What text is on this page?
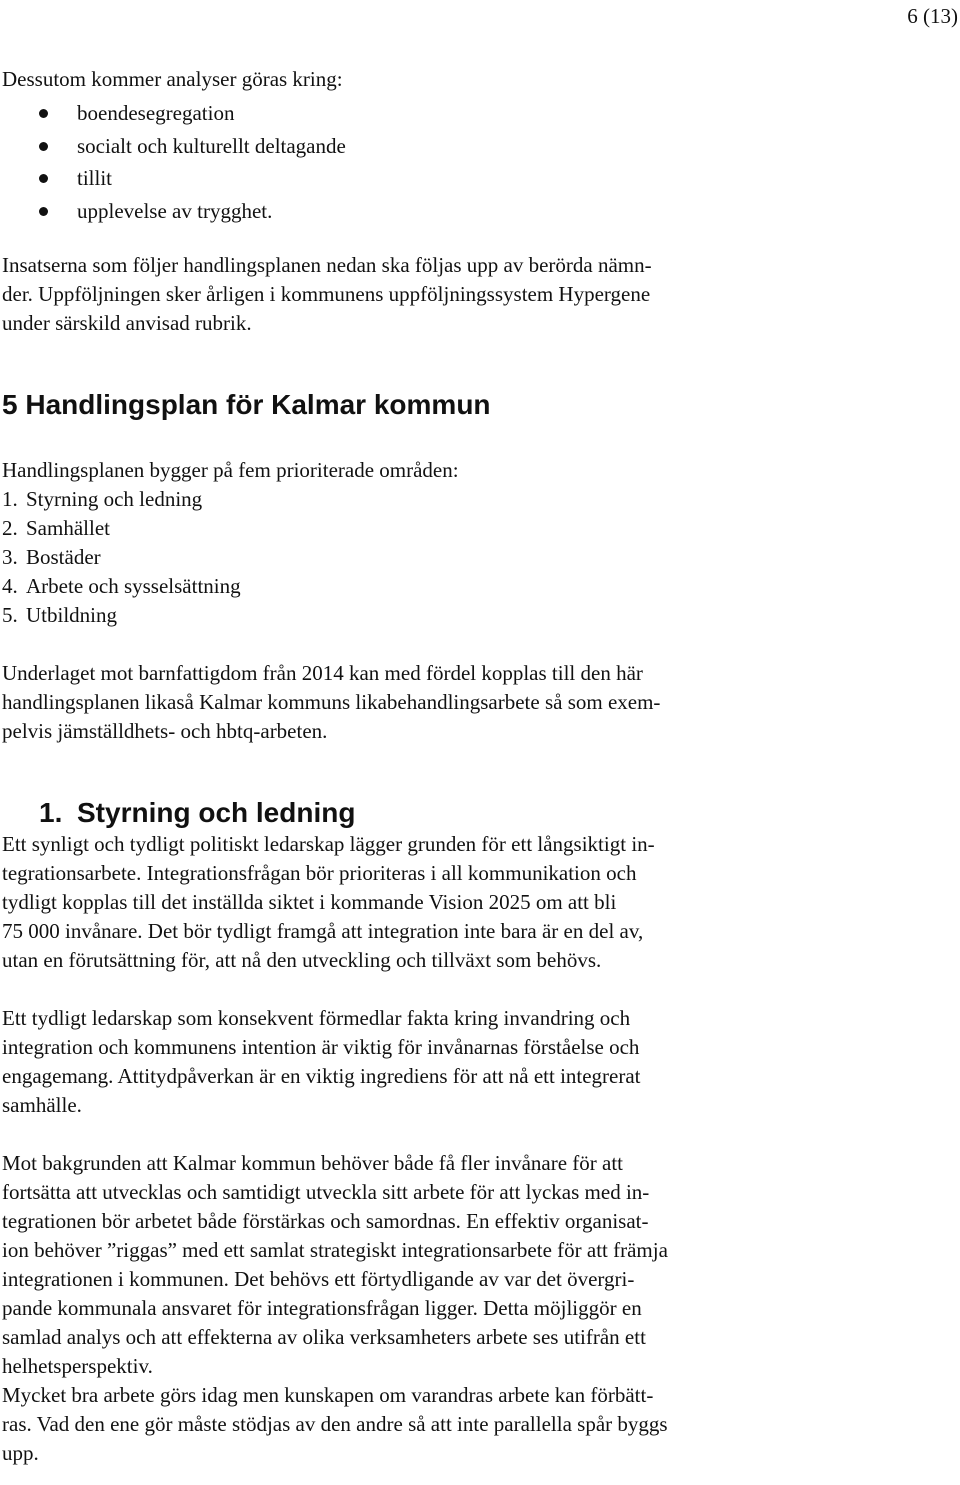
6 (13)

Dessutom kommer analyser göras kring:

boendesegregation
socialt och kulturellt deltagande
tillit
upplevelse av trygghet.

Insatserna som följer handlingsplanen nedan ska följas upp av berörda nämn-
der. Uppföljningen sker årligen i kommunens uppföljningssystem Hypergene
under särskild anvisad rubrik.

5 Handlingsplan för Kalmar kommun

Handlingsplanen bygger på fem prioriterade områden:

1. Styrning och ledning
2. Samhället
3. Bostäder
4. Arbete och sysselsättning
5. Utbildning

Underlaget mot barnfattigdom från 2014 kan med fördel kopplas till den här
handlingsplanen likaså Kalmar kommuns likabehandlingsarbete så som exem-
pelvis jämställdhets- och hbtq-arbeten.

1. Styrning och ledning

Ett synligt och tydligt politiskt ledarskap lägger grunden för ett långsiktigt in-
tegrationsarbete. Integrationsfrågan bör prioriteras i all kommunikation och
tydligt kopplas till det inställda siktet i kommande Vision 2025 om att bli
75 000 invånare. Det bör tydligt framgå att integration inte bara är en del av,
utan en förutsättning för, att nå den utveckling och tillväxt som behövs.

Ett tydligt ledarskap som konsekvent förmedlar fakta kring invandring och
integration och kommunens intention är viktig för invånarnas förståelse och
engagemang. Attitydpåverkan är en viktig ingrediens för att nå ett integrerat
samhälle.

Mot bakgrunden att Kalmar kommun behöver både få fler invånare för att
fortsätta att utvecklas och samtidigt utveckla sitt arbete för att lyckas med in-
tegrationen bör arbetet både förstärkas och samordnas. En effektiv organisat-
ion behöver ”riggas” med ett samlat strategiskt integrationsarbete för att främja
integrationen i kommunen. Det behövs ett förtydligande av var det övergri-
pande kommunala ansvaret för integrationsfrågan ligger. Detta möjliggör en
samlad analys och att effekterna av olika verksamheters arbete ses utifrån ett
helhetsperspektiv.

Mycket bra arbete görs idag men kunskapen om varandras arbete kan förbätt-
ras. Vad den ene gör måste stödjas av den andre så att inte parallella spår byggs
upp.
